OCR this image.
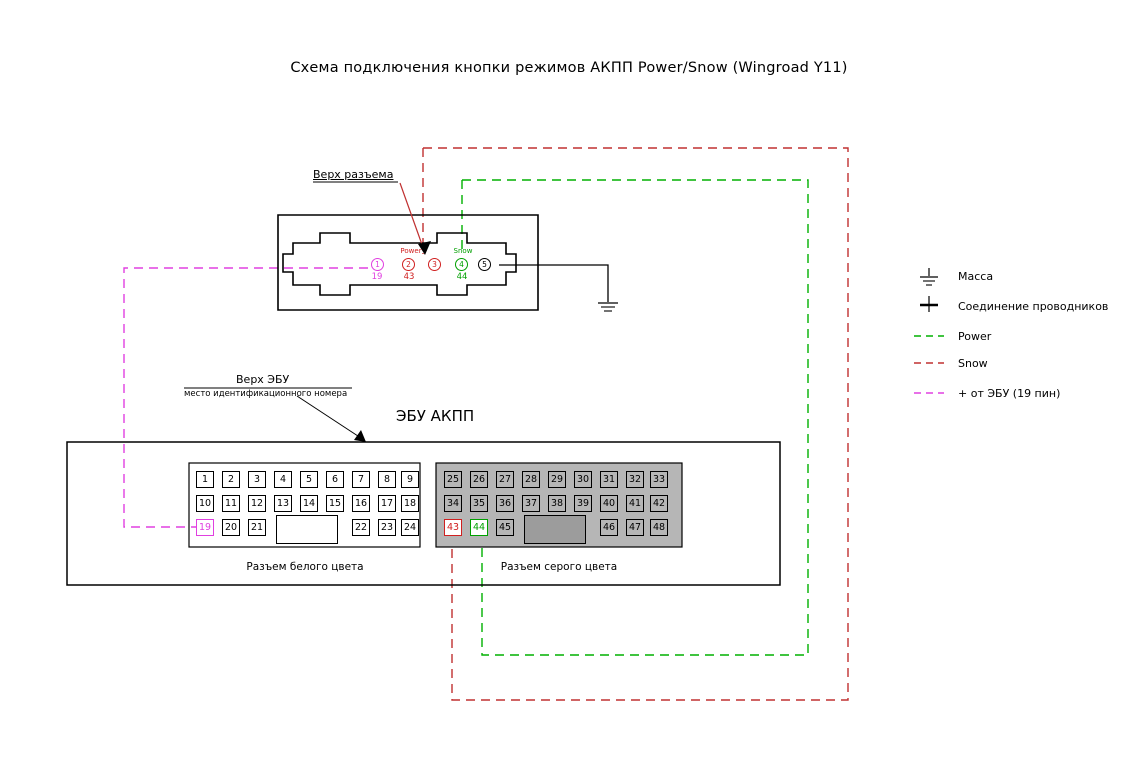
Схема подключения кнопки режимов АКПП Power/Snow (Wingroad Y11)
Верх разъема
1	2	3	4	5
19	43	44
Power	Snow
Верх ЭБУ
место идентификационного номера
ЭБУ АКПП
1	2	3	4	5	6	7	8	9
10	11	12	13	14	15	16	17	18
19	20	21	22	23	24
25	26	27	28	29	30	31	32	33
34	35	36	37	38	39	40	41	42
43	44	45	46	47	48
Разъем белого цвета	Разъем серого цвета
Масса
Соединение проводников
Power
Snow
+ от ЭБУ (19 пин)
